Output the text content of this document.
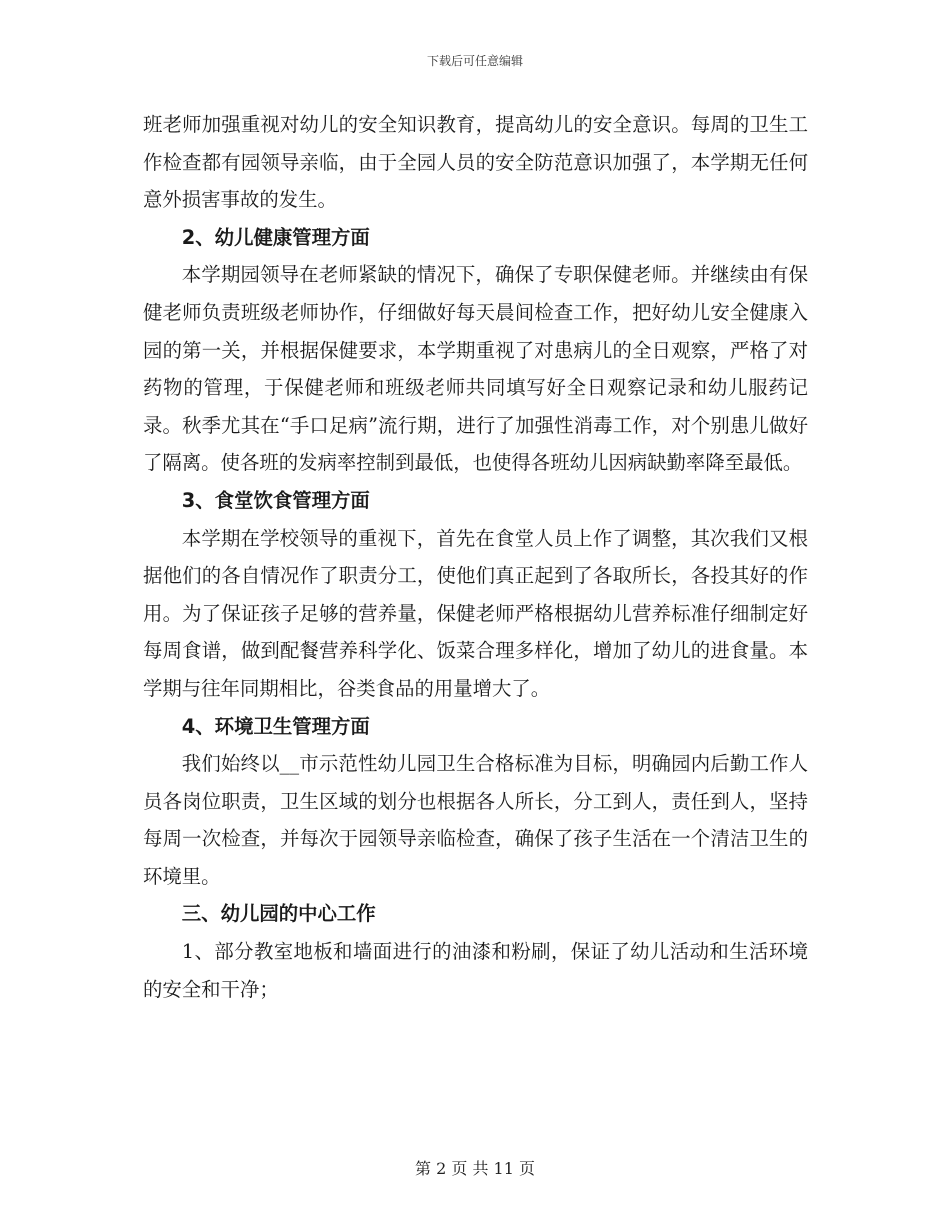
下载后可任意编辑

班老师加强重视对幼儿的安全知识教育，提高幼儿的安全意识。每周的卫生工作检查都有园领导亲临，由于全园人员的安全防范意识加强了，本学期无任何意外损害事故的发生。

2、幼儿健康管理方面

本学期园领导在老师紧缺的情况下，确保了专职保健老师。并继续由有保健老师负责班级老师协作，仔细做好每天晨间检查工作，把好幼儿安全健康入园的第一关，并根据保健要求，本学期重视了对患病儿的全日观察，严格了对药物的管理，于保健老师和班级老师共同填写好全日观察记录和幼儿服药记录。秋季尤其在“手口足病”流行期，进行了加强性消毒工作，对个别患儿做好了隔离。使各班的发病率控制到最低，也使得各班幼儿因病缺勤率降至最低。

3、食堂饮食管理方面

本学期在学校领导的重视下，首先在食堂人员上作了调整，其次我们又根据他们的各自情况作了职责分工，使他们真正起到了各取所长，各投其好的作用。为了保证孩子足够的营养量，保健老师严格根据幼儿营养标准仔细制定好每周食谱，做到配餐营养科学化、饭菜合理多样化，增加了幼儿的进食量。本学期与往年同期相比，谷类食品的用量增大了。

4、环境卫生管理方面

我们始终以__市示范性幼儿园卫生合格标准为目标，明确园内后勤工作人员各岗位职责，卫生区域的划分也根据各人所长，分工到人，责任到人，坚持每周一次检查，并每次于园领导亲临检查，确保了孩子生活在一个清洁卫生的环境里。

三、幼儿园的中心工作

1、部分教室地板和墙面进行的油漆和粉刷，保证了幼儿活动和生活环境的安全和干净；

第 2 页 共 11 页
